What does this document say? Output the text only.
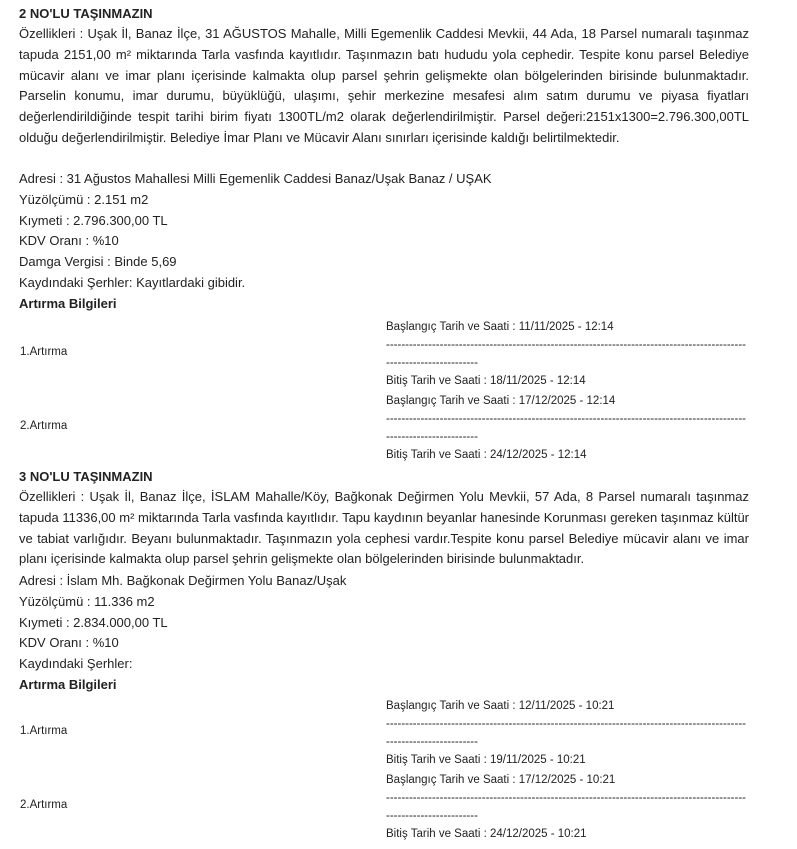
2 NO'LU TAŞINMAZIN
Özellikleri : Uşak İl, Banaz İlçe, 31 AĞUSTOS Mahalle, Milli Egemenlik Caddesi Mevkii, 44 Ada, 18 Parsel numaralı taşınmaz tapuda 2151,00 m² miktarında Tarla vasfında kayıtlıdır. Taşınmazın batı hududu yola cephedir. Tespite konu parsel Belediye mücavir alanı ve imar planı içerisinde kalmakta olup parsel şehrin gelişmekte olan bölgelerinden birisinde bulunmaktadır. Parselin konumu, imar durumu, büyüklüğü, ulaşımı, şehir merkezine mesafesi alım satım durumu ve piyasa fiyatları değerlendirildiğinde tespit tarihi birim fiyatı 1300TL/m2 olarak değerlendirilmiştir. Parsel değeri:2151x1300=2.796.300,00TL olduğu değerlendirilmiştir. Belediye İmar Planı ve Mücavir Alanı sınırları içerisinde kaldığı belirtilmektedir.
Adresi : 31 Ağustos Mahallesi Milli Egemenlik Caddesi Banaz/Uşak Banaz / UŞAK
Yüzölçümü : 2.151 m2
Kıymeti : 2.796.300,00 TL
KDV Oranı : %10
Damga Vergisi : Binde 5,69
Kaydındaki Şerhler: Kayıtlardaki gibidir.
Artırma Bilgileri
1.Artırma
Başlangıç Tarih ve Saati : 11/11/2025 - 12:14
----------------------------------------------------------------------------------------------------------------------
Bitiş Tarih ve Saati : 18/11/2025 - 12:14
2.Artırma
Başlangıç Tarih ve Saati : 17/12/2025 - 12:14
----------------------------------------------------------------------------------------------------------------------
Bitiş Tarih ve Saati : 24/12/2025 - 12:14
3 NO'LU TAŞINMAZIN
Özellikleri : Uşak İl, Banaz İlçe, İSLAM Mahalle/Köy, Bağkonak Değirmen Yolu Mevkii, 57 Ada, 8 Parsel numaralı taşınmaz tapuda 11336,00 m² miktarında Tarla vasfında kayıtlıdır. Tapu kaydının beyanlar hanesinde Korunması gereken taşınmaz kültür ve tabiat varlığıdır. Beyanı bulunmaktadır. Taşınmazın yola cephesi vardır.Tespite konu parsel Belediye mücavir alanı ve imar planı içerisinde kalmakta olup parsel şehrin gelişmekte olan bölgelerinden birisinde bulunmaktadır.
Adresi : İslam Mh. Bağkonak Değirmen Yolu Banaz/Uşak
Yüzölçümü : 11.336 m2
Kıymeti : 2.834.000,00 TL
KDV Oranı : %10
Kaydındaki Şerhler:
Artırma Bilgileri
1.Artırma
Başlangıç Tarih ve Saati : 12/11/2025 - 10:21
----------------------------------------------------------------------------------------------------------------------
Bitiş Tarih ve Saati : 19/11/2025 - 10:21
2.Artırma
Başlangıç Tarih ve Saati : 17/12/2025 - 10:21
----------------------------------------------------------------------------------------------------------------------
Bitiş Tarih ve Saati : 24/12/2025 - 10:21
